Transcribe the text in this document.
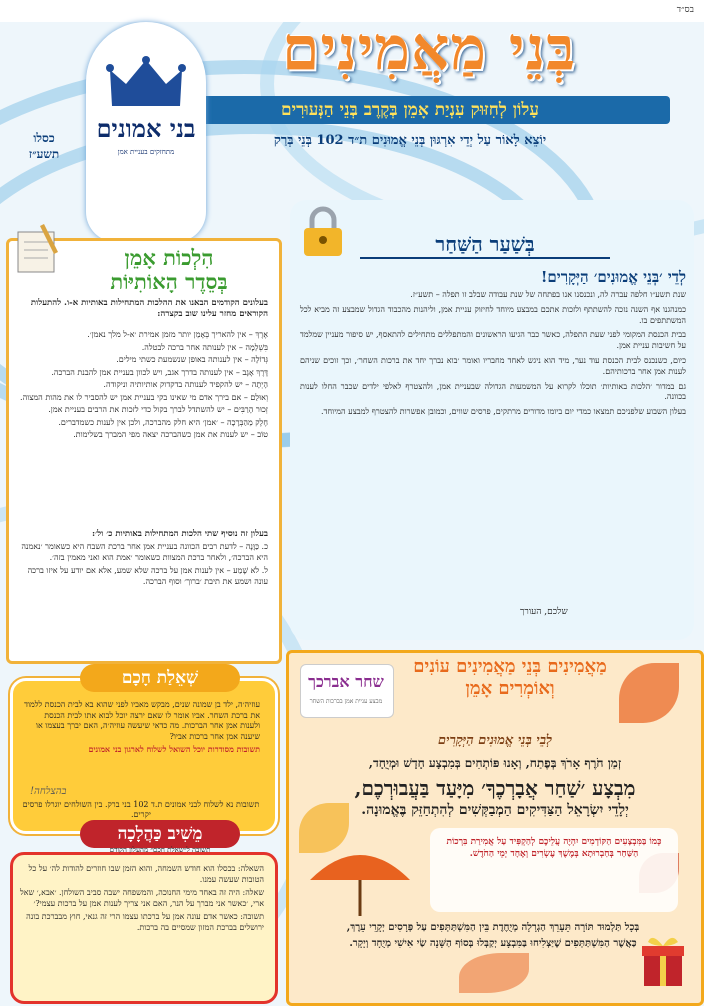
בס״ד
בְּנֵי מַאֲמִינִים
עָלוֹן לְחִזּוּק עִנְיַת אָמֵן בְּקֶרֶב בְּנֵי הַנְּעוּרִים
יוֹצֵא לָאוֹר עַל יְדֵי אִרְגּוּן בְּנֵי אֱמוּנִים ת״ד 102 בְּנֵי בְּרַק
בני אמונים
מתחזקים בעניית אמן
כסלו
תשע״ז
הִלְכוֹת אָמֵן
בְּסֵדֶר הָאוֹתִיּוֹת
בעלונים הקודמים הבאנו את ההלכות המתחילות באותיות א-ו. להתעלות הקוראים מחזר עלינו שוב בקצרה:

אֶרֶךְ – אין להאריך בְּאָמֵן יותר מזמן אמירת ׳א-ל מלך נאמן׳.

בִּשְׁלֵמָה – אין לענותה אחר ברכה לבטלה.

גְּדוֹלָה – אין לענותה באופן שנשמעת כשתי מילים.

דֶּרֶךְ אָגָב – אין לענותה בדרך אגב, ויש לכוון בעניית אמן להבנת הברכה.

הָיְתָה – יש להקפיד לענותה בדקדוק אותיותיה וניקודה.

וְאוּלַם – אם בירך אדם מי שאינו בקי בעניית אמן יש להסביר לו את מהות המצוה.

זְכוּר הָרַבִּים – יש להשתדל לברך בקול כדי לזכות את הרבים בעניית אמן.

חֶלֶק מֵהַבְּרָכָה – ׳אמן׳ היא חלק מהברכה, ולכן אין לענות כשמדברים.

טוֹב – יש לענות את אמן כשהברכה יצאה מפי המברך בשלימות.

בעלון זה נוסיף שתי הלכות המתחילות באותיות כ׳ ול׳:

כ. כַּוָּנָה – לדעת רבים הכוונה בעניית אמן אחר ברכת השבח היא כשאומר ׳נאמנה היא הברכה׳, ולאחר ברכת המצוות כשאומר ׳אמת הוא ואני מאמין בזה׳.

ל. לֹא שָׁמַע – אין לענות אמן על ברכה שלא שמע, אלא אם יודע על איזו ברכה עונה ושמע את תיבת ׳ברוך׳ וסוף הברכה.

שְׁאֵלַת חָכָם
עוזיה׳ה, ילד בן שמונה שנים, מבקש מאביו לפני שהוא בא לבית הכנסת ללמוד את ברכת השחר. אביו אומר לו שאם ירצה יוכל לבוא אתו לבית הכנסת ולענות אמן אחר הברכות. מה כדאי שיעשה עוזיה׳ה, האם יברך בעצמו או שיענה אמן אחר ברכות אביו?
תשובות מסודרות יוכל השואל לשלוח לארגון בני אמונים
בהצלחה!
תשובות נא לשלוח לבני אמונים ת.ד 102 בני ברק. בין השולחים יוגרלו פרסים יקרים.
מֵשִׁיב כַּהֲלָכָה
תשובה ל״שאלת חכם״ מהעלון הקודם

השאלה: בכסלו הוא חודש השמחה, והוא הזמן שבו חוזרים להודות לה׳ על כל הטובות שעשה עמנו.

שאלה: היה זה באחד מימי החנוכה, והמשפחה ישבה סביב השולחן. ׳אבא,׳ שאל ארי, ׳כאשר אני מברך על הנר, האם אני צריך לענות אמן על ברכות עצמי?׳

תשובה: כאשר אדם עונה אמן על ברכתו עצמו הרי זה גנאי, חוץ מבברכת בונה ירושלים בברכת המזון שמסיים בה ברכות.

בְּשַׁעַר הַשַּׁחַר
לְדֵי ׳בְּנֵי אֱמוּנִים׳ הַיְּקָרִים!

שנת תשע״ו חלפה עברה לה, ונכנסנו אנו בפתחה של שנת עבודה שבלב זו תפלה – תשע״ז.

כמנהגנו אף השנה נזכה להשתתף ולזכות אתכם במבצע מיוחד לחיזוק עניית אמן, וליהנות מהכבוד הגדול שמבצע זה מביא לכל המשתתפים בו.

בבית הכנסת המקומי לפני שעת התפלה, כאשר כבר הגיעו הראשונים והמתפללים מתחילים להתאסף, יש סיפור מעניין שמלמד על חשיבות עניית אמן.

כיום, כשנכנס לבית הכנסת עוד נער, מיד הוא ניגש לאחד מחבריו ואומר ׳בוא נברך יחד את ברכות השחר׳, וכך זוכים שניהם לענות אמן אחר ברכותיהם.

גם במדור ׳הלכות באותיות׳ תוכלו לקרוא על המשמעות הגדולה שבעניית אמן, ולהצטרף לאלפי ילדים שכבר החלו לענות בכוונה.

בעלון השבוע שלפניכם תמצאו כמדי יום ביומו מדורים מרתקים, פרסים שווים, וכמובן אפשרות להצטרף למבצע המיוחד.

שלכם, העורך
מַאֲמִינִים בְּנֵי מַאֲמִינִים עוֹנִים וְאוֹמְרִים אָמֵן
שחר אברכך
מבצע עניית אמן בברכות השחר
לְבֵי בְּנֵי אֱמוּנִים הַיְּקָרִים
זְמַן חֹרֶף אָרֹךְ בְּפֶתַח, וְאָנוּ פּוֹתְחִים בְּמִבְצָע חָדָשׁ וּמְיֻחָד,
מִבְצָע ׳שַׁחַר אֲבָרְכֶךָ׳ מִיָּעַד בַּעֲבוּרְכֶם,
יְלָדֵי יִשְׂרָאֵל הַצַּדִּיקִים הַמְבַקְּשִׁים לְהִתְחַזֵּק בֶּאֱמוּנָה.
כְּמוֹ בַּמִּבְצָעִים הַקּוֹדְמִים יִהְיֶה עֲלֵיכֶם לְהַקְפִּיד עַל אֲמִירַת בִּרְכוֹת הַשַּׁחַר בְּחַבְרוּתָא בְּמֶשֶׁךְ עֶשְׂרִים וְאֶחָד יְמֵי הַחֹדֶשׁ.
בְּכָל תַּלְמוּד תּוֹרָה תֵּעָרֵךְ הַגְרָלָה מְיֻחֶדֶת בֵּין הַמִּשְׁתַּתְּפִים עַל פְּרָסִים יְקָרֵי עֵרֶךְ,
כַּאֲשֶׁר הַמִּשְׁתַּתְּפִים שֶׁיַּצְלִיחוּ בַּמִּבְצָע יְקַבְּלוּ בְּסוֹף הַשָּׁנָה שַׂי אִישִׁי מְיֻחָד וְיָקָר.
